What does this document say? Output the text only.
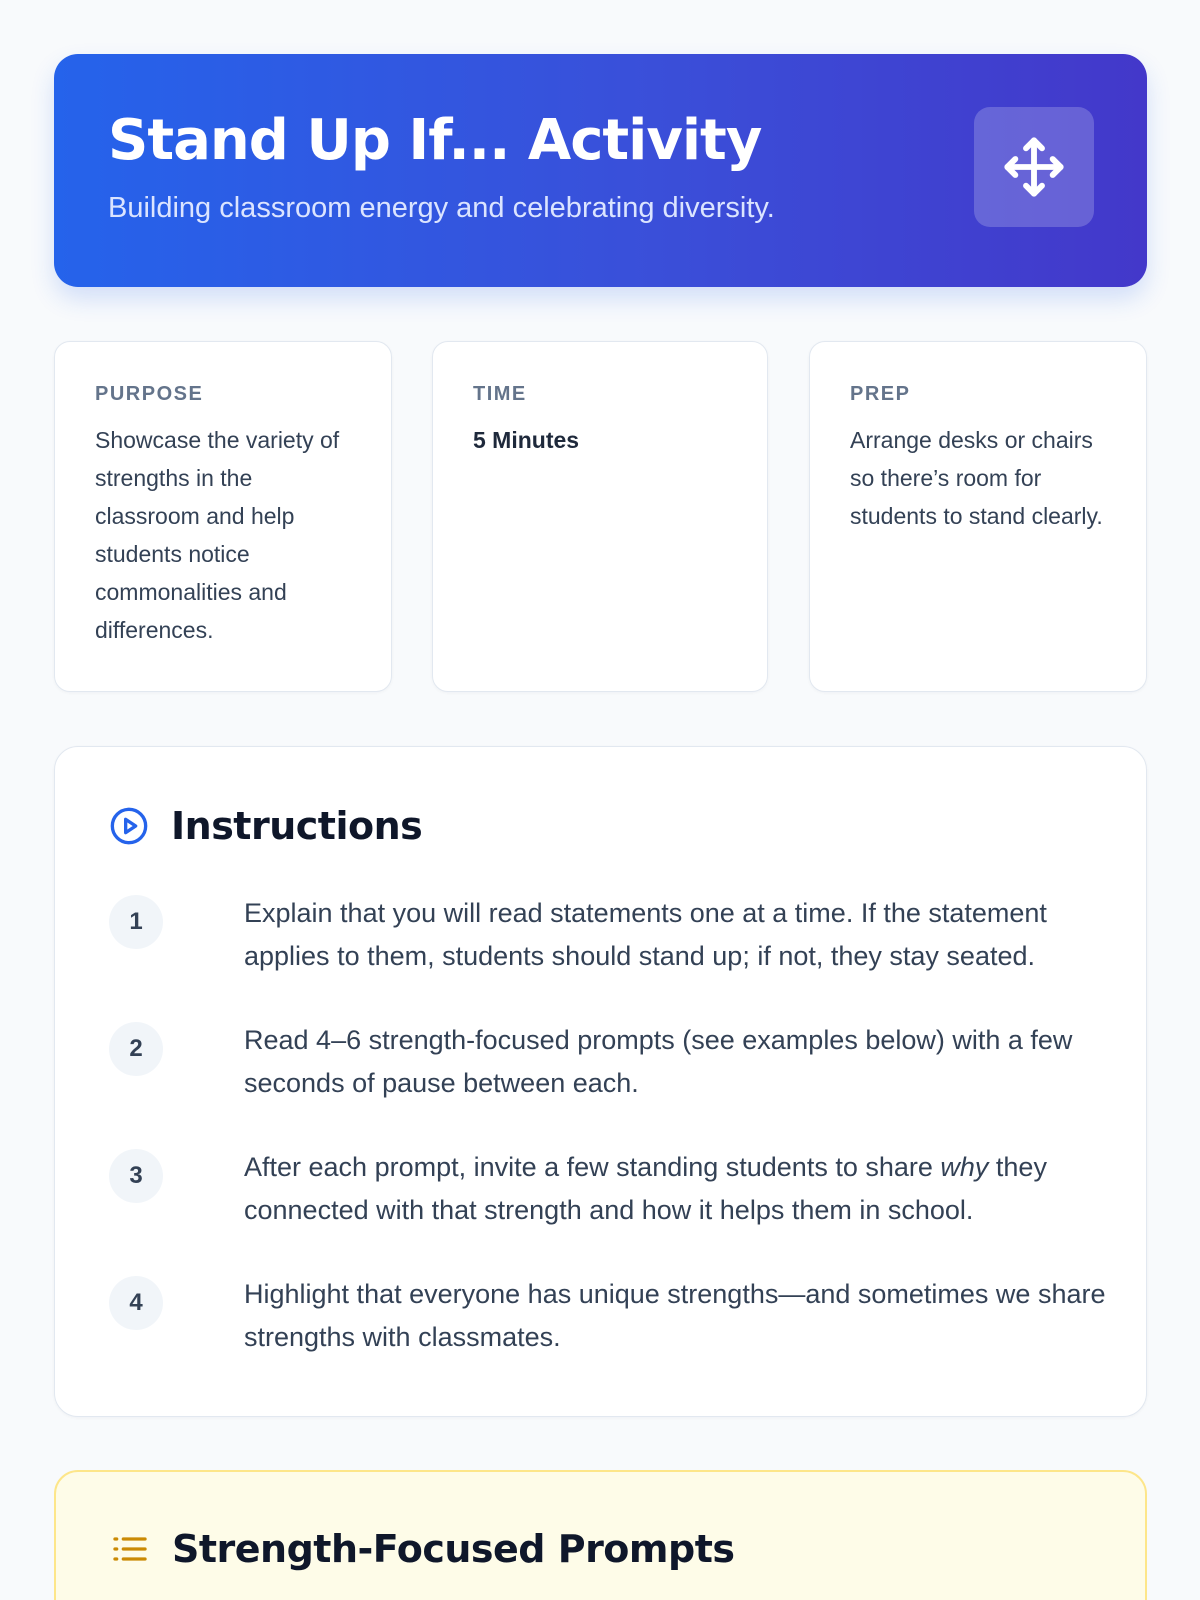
Stand Up If... Activity
Building classroom energy and celebrating diversity.
PURPOSE
Showcase the variety of strengths in the classroom and help students notice commonalities and differences.
TIME
5 Minutes
PREP
Arrange desks or chairs so there’s room for students to stand clearly.
Instructions
1	Explain that you will read statements one at a time. If the statement applies to them, students should stand up; if not, they stay seated.
2	Read 4–6 strength-focused prompts (see examples below) with a few seconds of pause between each.
3	After each prompt, invite a few standing students to share why they connected with that strength and how it helps them in school.
4	Highlight that everyone has unique strengths—and sometimes we share strengths with classmates.
Strength-Focused Prompts
